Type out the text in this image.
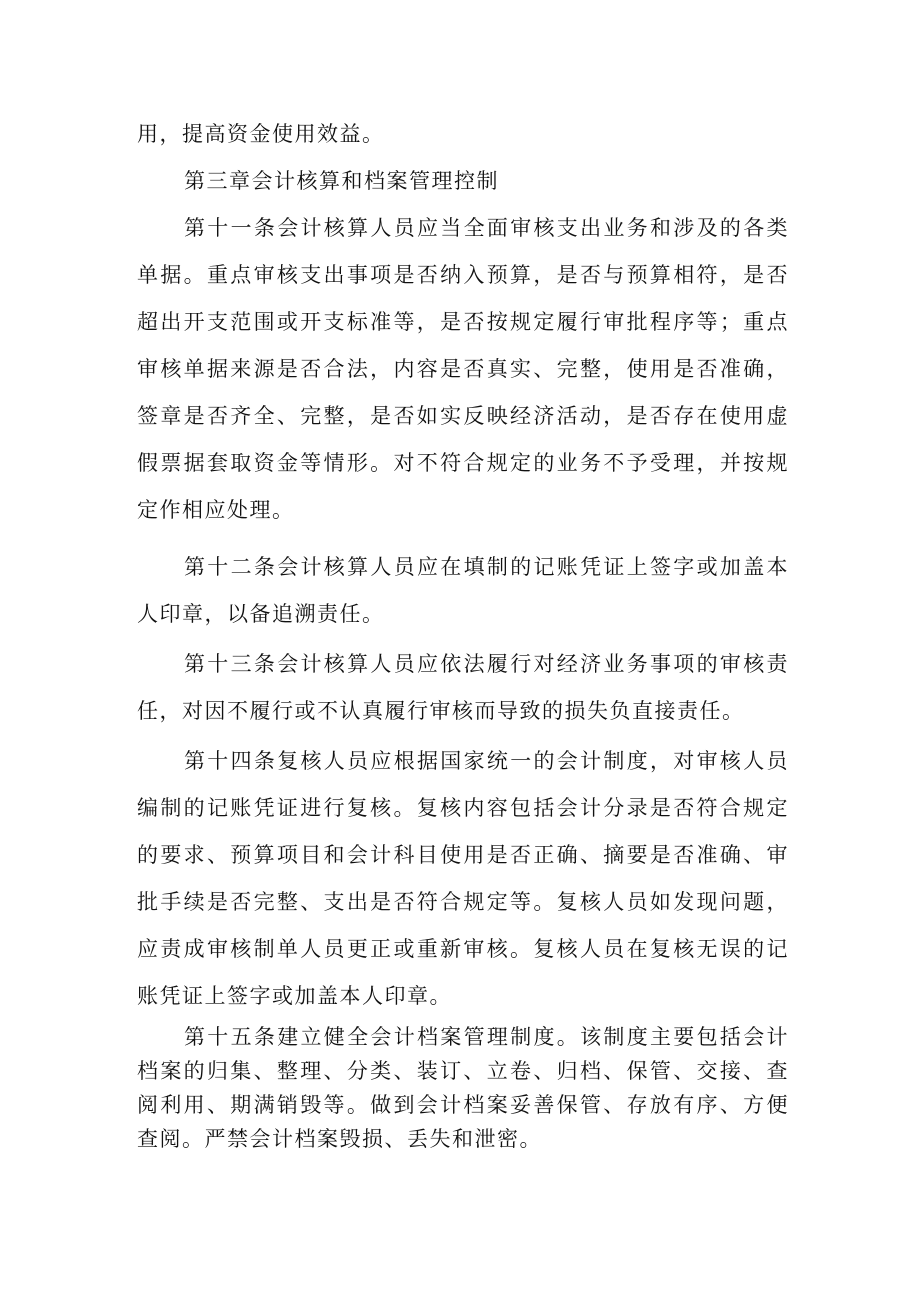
用，提高资金使用效益。

第三章会计核算和档案管理控制

第十一条会计核算人员应当全面审核支出业务和涉及的各类单据。重点审核支出事项是否纳入预算，是否与预算相符，是否超出开支范围或开支标准等，是否按规定履行审批程序等；重点审核单据来源是否合法，内容是否真实、完整，使用是否准确，签章是否齐全、完整，是否如实反映经济活动，是否存在使用虚假票据套取资金等情形。对不符合规定的业务不予受理，并按规定作相应处理。

第十二条会计核算人员应在填制的记账凭证上签字或加盖本人印章，以备追溯责任。

第十三条会计核算人员应依法履行对经济业务事项的审核责任，对因不履行或不认真履行审核而导致的损失负直接责任。

第十四条复核人员应根据国家统一的会计制度，对审核人员编制的记账凭证进行复核。复核内容包括会计分录是否符合规定的要求、预算项目和会计科目使用是否正确、摘要是否准确、审批手续是否完整、支出是否符合规定等。复核人员如发现问题，应责成审核制单人员更正或重新审核。复核人员在复核无误的记账凭证上签字或加盖本人印章。

第十五条建立健全会计档案管理制度。该制度主要包括会计档案的归集、整理、分类、装订、立卷、归档、保管、交接、查阅利用、期满销毁等。做到会计档案妥善保管、存放有序、方便查阅。严禁会计档案毁损、丢失和泄密。
